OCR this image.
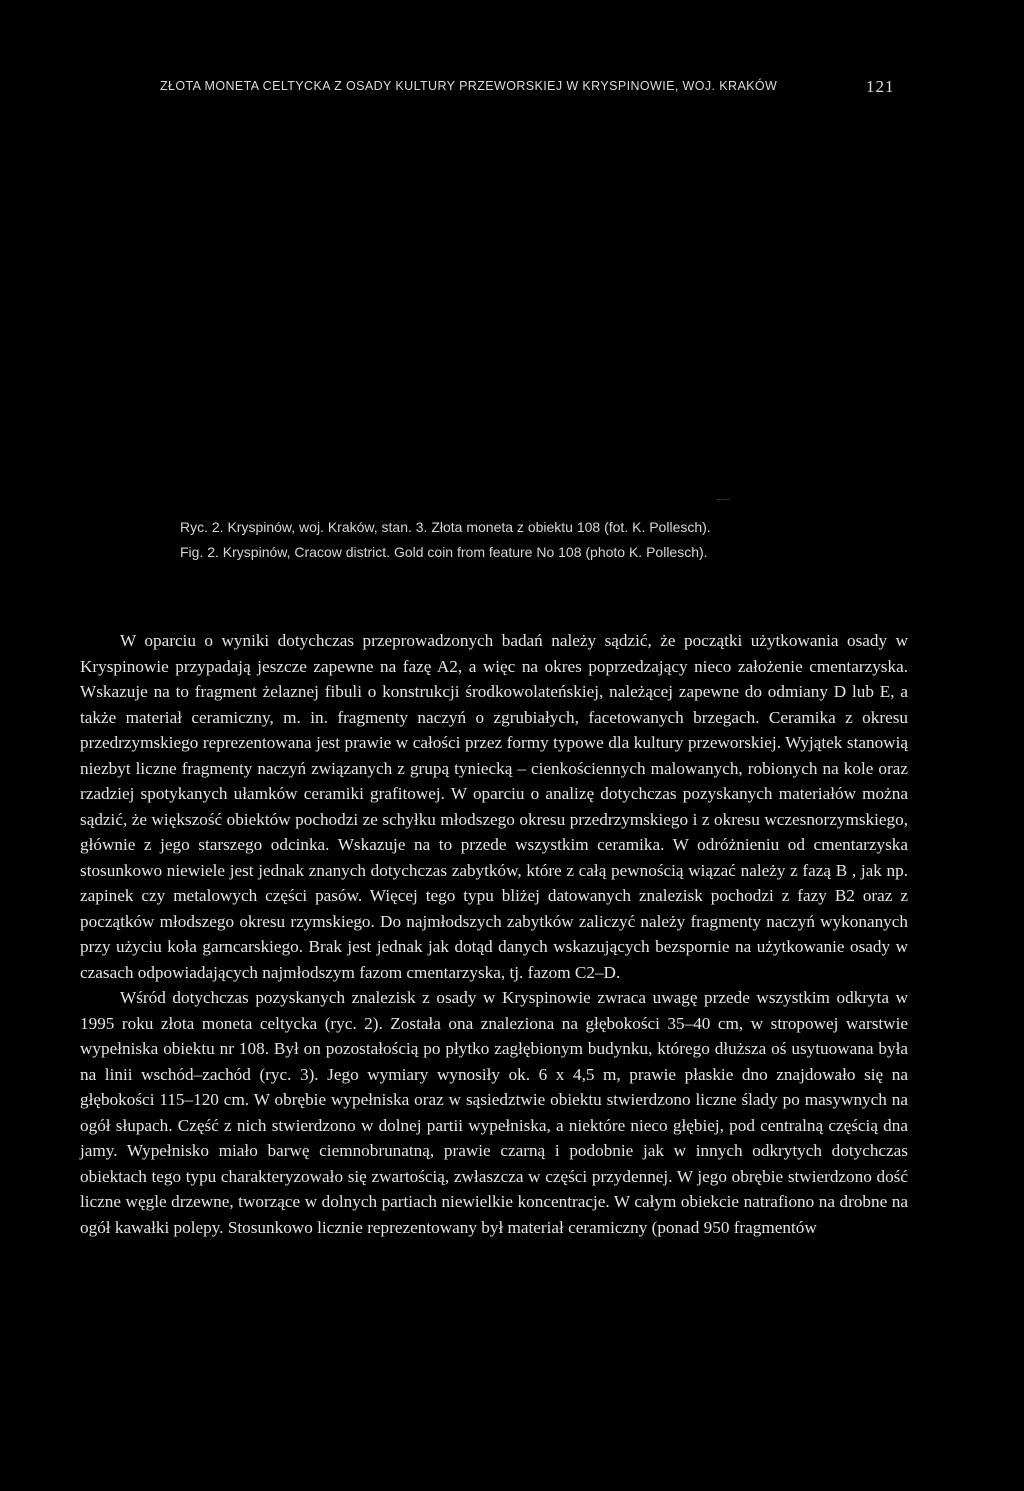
ZŁOTA MONETA CELTYCKA Z OSADY KULTURY PRZEWORSKIEJ W KRYSPINOWIE, WOJ. KRAKÓW	121
Ryc. 2. Kryspinów, woj. Kraków, stan. 3. Złota moneta z obiektu 108 (fot. K. Pollesch).
Fig. 2. Kryspinów, Cracow district. Gold coin from feature No 108 (photo K. Pollesch).

W oparciu o wyniki dotychczas przeprowadzonych badań należy sądzić, że początki użytkowania osady w Kryspinowie przypadają jeszcze zapewne na fazę A2, a więc na okres poprzedzający nieco założenie cmentarzyska. Wskazuje na to fragment żelaznej fibuli o konstrukcji środkowolateńskiej, należącej zapewne do odmiany D lub E, a także materiał ceramiczny, m. in. fragmenty naczyń o zgrubiałych, facetowanych brzegach. Ceramika z okresu przedrzymskiego reprezentowana jest prawie w całości przez formy typowe dla kultury przeworskiej. Wyjątek stanowią niezbyt liczne fragmenty naczyń związanych z grupą tyniecką – cienkościennych malowanych, robionych na kole oraz rzadziej spotykanych ułamków ceramiki grafitowej. W oparciu o analizę dotychczas pozyskanych materiałów można sądzić, że większość obiektów pochodzi ze schyłku młodszego okresu przedrzymskiego i z okresu wczesnorzymskiego, głównie z jego starszego odcinka. Wskazuje na to przede wszystkim ceramika. W odróżnieniu od cmentarzyska stosunkowo niewiele jest jednak znanych dotychczas zabytków, które z całą pewnością wiązać należy z fazą B , jak np. zapinek czy metalowych części pasów. Więcej tego typu bliżej datowanych znalezisk pochodzi z fazy B2 oraz z początków młodszego okresu rzymskiego. Do najmłodszych zabytków zaliczyć należy fragmenty naczyń wykonanych przy użyciu koła garncarskiego. Brak jest jednak jak dotąd danych wskazujących bezspornie na użytkowanie osady w czasach odpowiadających najmłodszym fazom cmentarzyska, tj. fazom C2–D.

Wśród dotychczas pozyskanych znalezisk z osady w Kryspinowie zwraca uwagę przede wszystkim odkryta w 1995 roku złota moneta celtycka (ryc. 2). Została ona znaleziona na głębokości 35–40 cm, w stropowej warstwie wypełniska obiektu nr 108. Był on pozostałością po płytko zagłębionym budynku, którego dłuższa oś usytuowana była na linii wschód–zachód (ryc. 3). Jego wymiary wynosiły ok. 6 x 4,5 m, prawie płaskie dno znajdowało się na głębokości 115–120 cm. W obrębie wypełniska oraz w sąsiedztwie obiektu stwierdzono liczne ślady po masywnych na ogół słupach. Część z nich stwierdzono w dolnej partii wypełniska, a niektóre nieco głębiej, pod centralną częścią dna jamy. Wypełnisko miało barwę ciemnobrunatną, prawie czarną i podobnie jak w innych odkrytych dotychczas obiektach tego typu charakteryzowało się zwartością, zwłaszcza w części przydennej. W jego obrębie stwierdzono dość liczne węgle drzewne, tworzące w dolnych partiach niewielkie koncentracje. W całym obiekcie natrafiono na drobne na ogół kawałki polepy. Stosunkowo licznie reprezentowany był materiał ceramiczny (ponad 950 fragmentów
